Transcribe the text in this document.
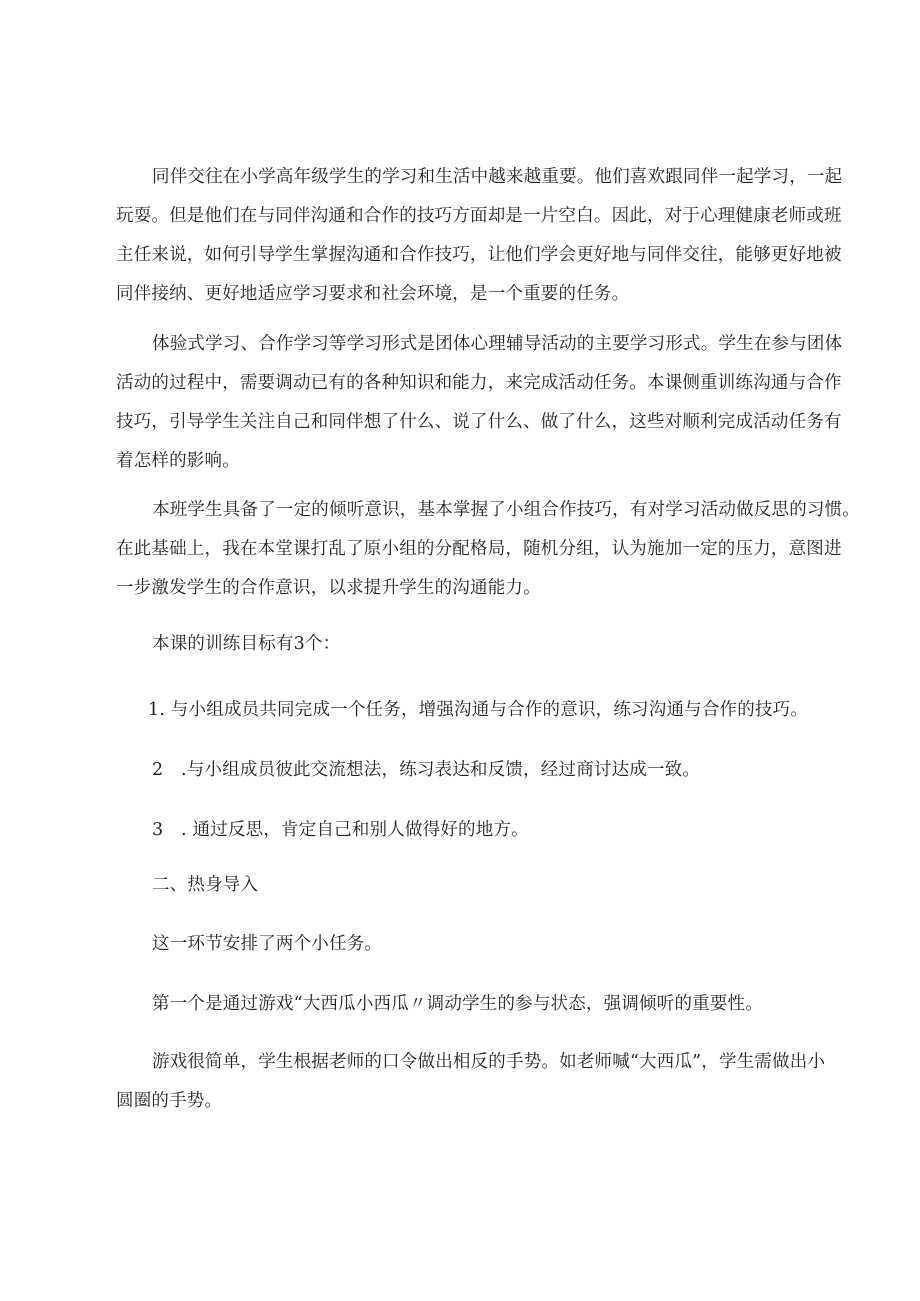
同伴交往在小学高年级学生的学习和生活中越来越重要。他们喜欢跟同伴一起学习，一起
玩耍。但是他们在与同伴沟通和合作的技巧方面却是一片空白。因此，对于心理健康老师或班
主任来说，如何引导学生掌握沟通和合作技巧，让他们学会更好地与同伴交往，能够更好地被
同伴接纳、更好地适应学习要求和社会环境，是一个重要的任务。
体验式学习、合作学习等学习形式是团体心理辅导活动的主要学习形式。学生在参与团体
活动的过程中，需要调动已有的各种知识和能力，来完成活动任务。本课侧重训练沟通与合作
技巧，引导学生关注自己和同伴想了什么、说了什么、做了什么，这些对顺利完成活动任务有
着怎样的影响。
本班学生具备了一定的倾听意识，基本掌握了小组合作技巧，有对学习活动做反思的习惯。
在此基础上，我在本堂课打乱了原小组的分配格局，随机分组，认为施加一定的压力，意图进
一步激发学生的合作意识，以求提升学生的沟通能力。
本课的训练目标有3个：
1. 与小组成员共同完成一个任务，增强沟通与合作的意识，练习沟通与合作的技巧。
2　.与小组成员彼此交流想法，练习表达和反馈，经过商讨达成一致。
3　. 通过反思，肯定自己和别人做得好的地方。
二、热身导入
这一环节安排了两个小任务。
第一个是通过游戏“大西瓜小西瓜〃调动学生的参与状态，强调倾听的重要性。
游戏很简单，学生根据老师的口令做出相反的手势。如老师喊“大西瓜”，学生需做出小
圆圈的手势。
